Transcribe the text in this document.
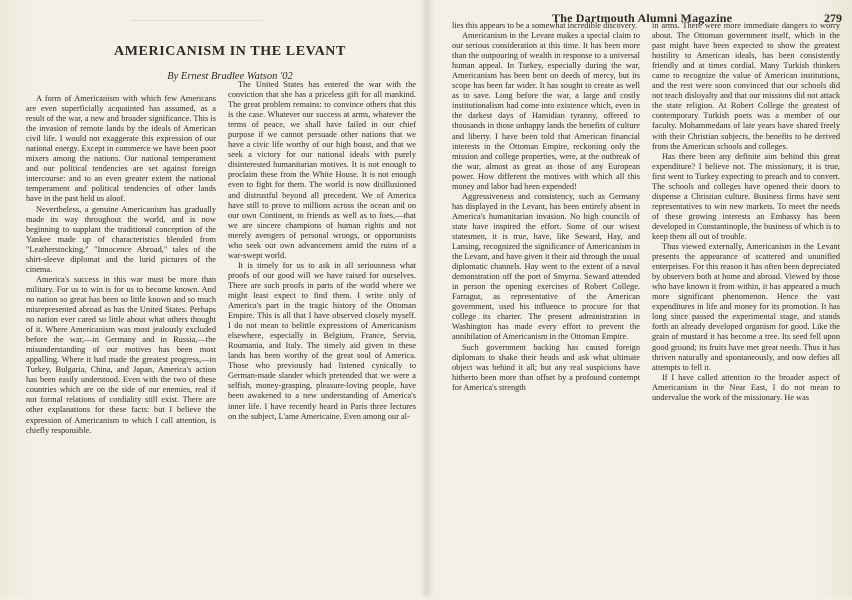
The Dartmouth Alumni Magazine	279
AMERICANISM IN THE LEVANT
By Ernest Bradlee Watson '02

A form of Americanism with which few Americans are even superficially acquainted has assumed, as a result of the war, a new and broader significance. This is the invasion of remote lands by the ideals of American civil life. I would not exaggerate this expression of our national energy. Except in commerce we have been poor mixers among the nations. Our national temperament and our political tendencies are set against foreign intercourse: and to an even greater extent the national temperament and political tendencies of other lands have in the past held us aloof.

Nevertheless, a genuine Americanism has gradually made its way throughout the world, and is now beginning to supplant the traditional conception of the Yankee made up of characteristics blended from "Leatherstocking," "Innocence Abroad," tales of the shirt-sleeve diplomat and the lurid pictures of the cinema.

America's success in this war must be more than military. For us to win is for us to become known. And no nation so great has been so little known and so much misrepresented abroad as has the United States. Perhaps no nation ever cared so little about what others thought of it. Where Americanism was most jealously excluded before the war,—in Germany and in Russia,—the misunderstanding of our motives has been most appalling. Where it had made the greatest progress,—in Turkey, Bulgaria, China, and Japan, America's action has been easily understood. Even with the two of these countries which are on the side of our enemies, real if not formal relations of cordiality still exist. There are other explanations for these facts: but I believe the expression of Americanism to which I call attention, is chiefly responsible.

The United States has entered the war with the conviction that she has a priceless gift for all mankind. The great problem remains: to convince others that this is the case. Whatever our success at arms, whatever the terms of peace, we shall have failed in our chief purpose if we cannot persuade other nations that we have a civic life worthy of our high boast, and that we seek a victory for our national ideals with purely disinterested humanitarian motives. It is not enough to proclaim these from the White House. It is not enough even to fight for them. The world is now disillusioned and distrustful beyond all precedent. We of America have still to prove to millions across the ocean and on our own Continent, to friends as well as to foes,—that we are sincere champions of human rights and not merely avengers of personal wrongs, or opportunists who seek our own advancement amid the ruins of a war-swept world.

It is timely for us to ask in all seriousness what proofs of our good will we have raised for ourselves. There are such proofs in parts of the world where we might least expect to find them. I write only of America's part in the tragic history of the Ottoman Empire. This is all that I have observed closely myself. I do not mean to belittle expressions of Americanism elsewhere, especially in Belgium, France, Servia, Roumania, and Italy. The timely aid given in these lands has been worthy of the great soul of America. Those who previously had listened cynically to German-made slander which pretended that we were a selfish, money-grasping, pleasure-loving people, have been awakened to a new understanding of America's inner life. I have recently heard in Paris three lectures on the subject, L'ame Americaine. Even among our al-

lies this appears to be a somewhat incredible discovery.

Americanism in the Levant makes a special claim to our serious consideration at this time. It has been more than the outpouring of wealth in response to a universal human appeal. In Turkey, especially during the war, Americanism has been bent on deeds of mercy, but its scope has been far wider. It has sought to create as well as to save. Long before the war, a large and costly institutionalism had come into existence which, even in the darkest days of Hamidian tyranny, offered to thousands in those unhappy lands the benefits of culture and liberty. I have been told that American financial interests in the Ottoman Empire, reckoning only the mission and college properties, were, at the outbreak of the war, almost as great as those of any European power. How different the motives with which all this money and labor had been expended!

Aggressiveness and consistency, such as Germany has displayed in the Levant, has been entirely absent in America's humanitarian invasion. No high councils of state have inspired the effort. Some of our wisest statesmen, it is true, have, like Seward, Hay, and Lansing, recognized the significance of Americanism in the Levant, and have given it their aid through the usual diplomatic channels. Hay went to the extent of a naval demonstration off the port of Smyrna. Seward attended in person the opening exercises of Robert College. Farragut, as representative of the American government, used his influence to procure for that college its charter. The present administration in Washington has made every effort to prevent the annihilation of Americanism in the Ottoman Empire.

Such government backing has caused foreign diplomats to shake their heads and ask what ultimate object was behind it all; but any real suspicions have hitherto been more than offset by a profound contempt for America's strength

in arms. There were more immediate dangers to worry about. The Ottoman government itself, which in the past might have been expected to show the greatest hostility to American ideals, has been consistently friendly and at times cordial. Many Turkish thinkers came to recognize the value of American institutions, and the rest were soon convinced that our schools did not teach disloyalty and that our missions did not attack the state religion. At Robert College the greatest of contemporary Turkish poets was a member of our faculty. Mohammedans of late years have shared freely with their Christian subjects, the benefits to be derived from the American schools and colleges.

Has there been any definite aim behind this great expenditure? I believe not. The missionary, it is true, first went to Turkey expecting to preach and to convert. The schools and colleges have opened their doors to dispense a Christian culture. Business firms have sent representatives to win new markets. To meet the needs of these growing interests an Embassy has been developed in Constantinople, the business of which is to keep them all out of trouble.

Thus viewed externally, Americanism in the Levant presents the appearance of scattered and ununified enterprises. For this reason it has often been depreciated by observers both at home and abroad. Viewed by those who have known it from within, it has appeared a much more significant phenomenon. Hence the vast expenditures in life and money for its promotion. It has long since passed the experimental stage, and stands forth an already developed organism for good. Like the grain of mustard it has become a tree. Its seed fell upon good ground; its fruits have met great needs. Thus it has thriven naturally and spontaneously, and now defies all attempts to fell it.

If I have called attention to the broader aspect of Americanism in the Near East, I do not mean to undervalue the work of the missionary. He was
